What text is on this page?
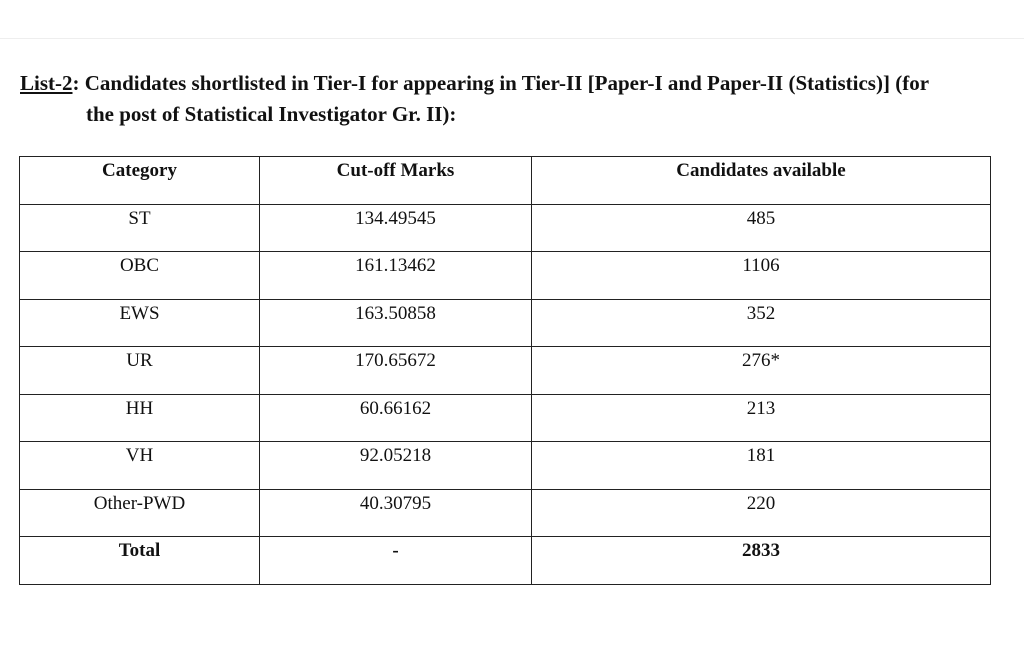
List-2: Candidates shortlisted in Tier-I for appearing in Tier-II [Paper-I and Paper-II (Statistics)] (for
the post of Statistical Investigator Gr. II):
Category	Cut-off Marks	Candidates available
ST	134.49545	485
OBC	161.13462	1106
EWS	163.50858	352
UR	170.65672	276*
HH	60.66162	213
VH	92.05218	181
Other-PWD	40.30795	220
Total	-	2833
